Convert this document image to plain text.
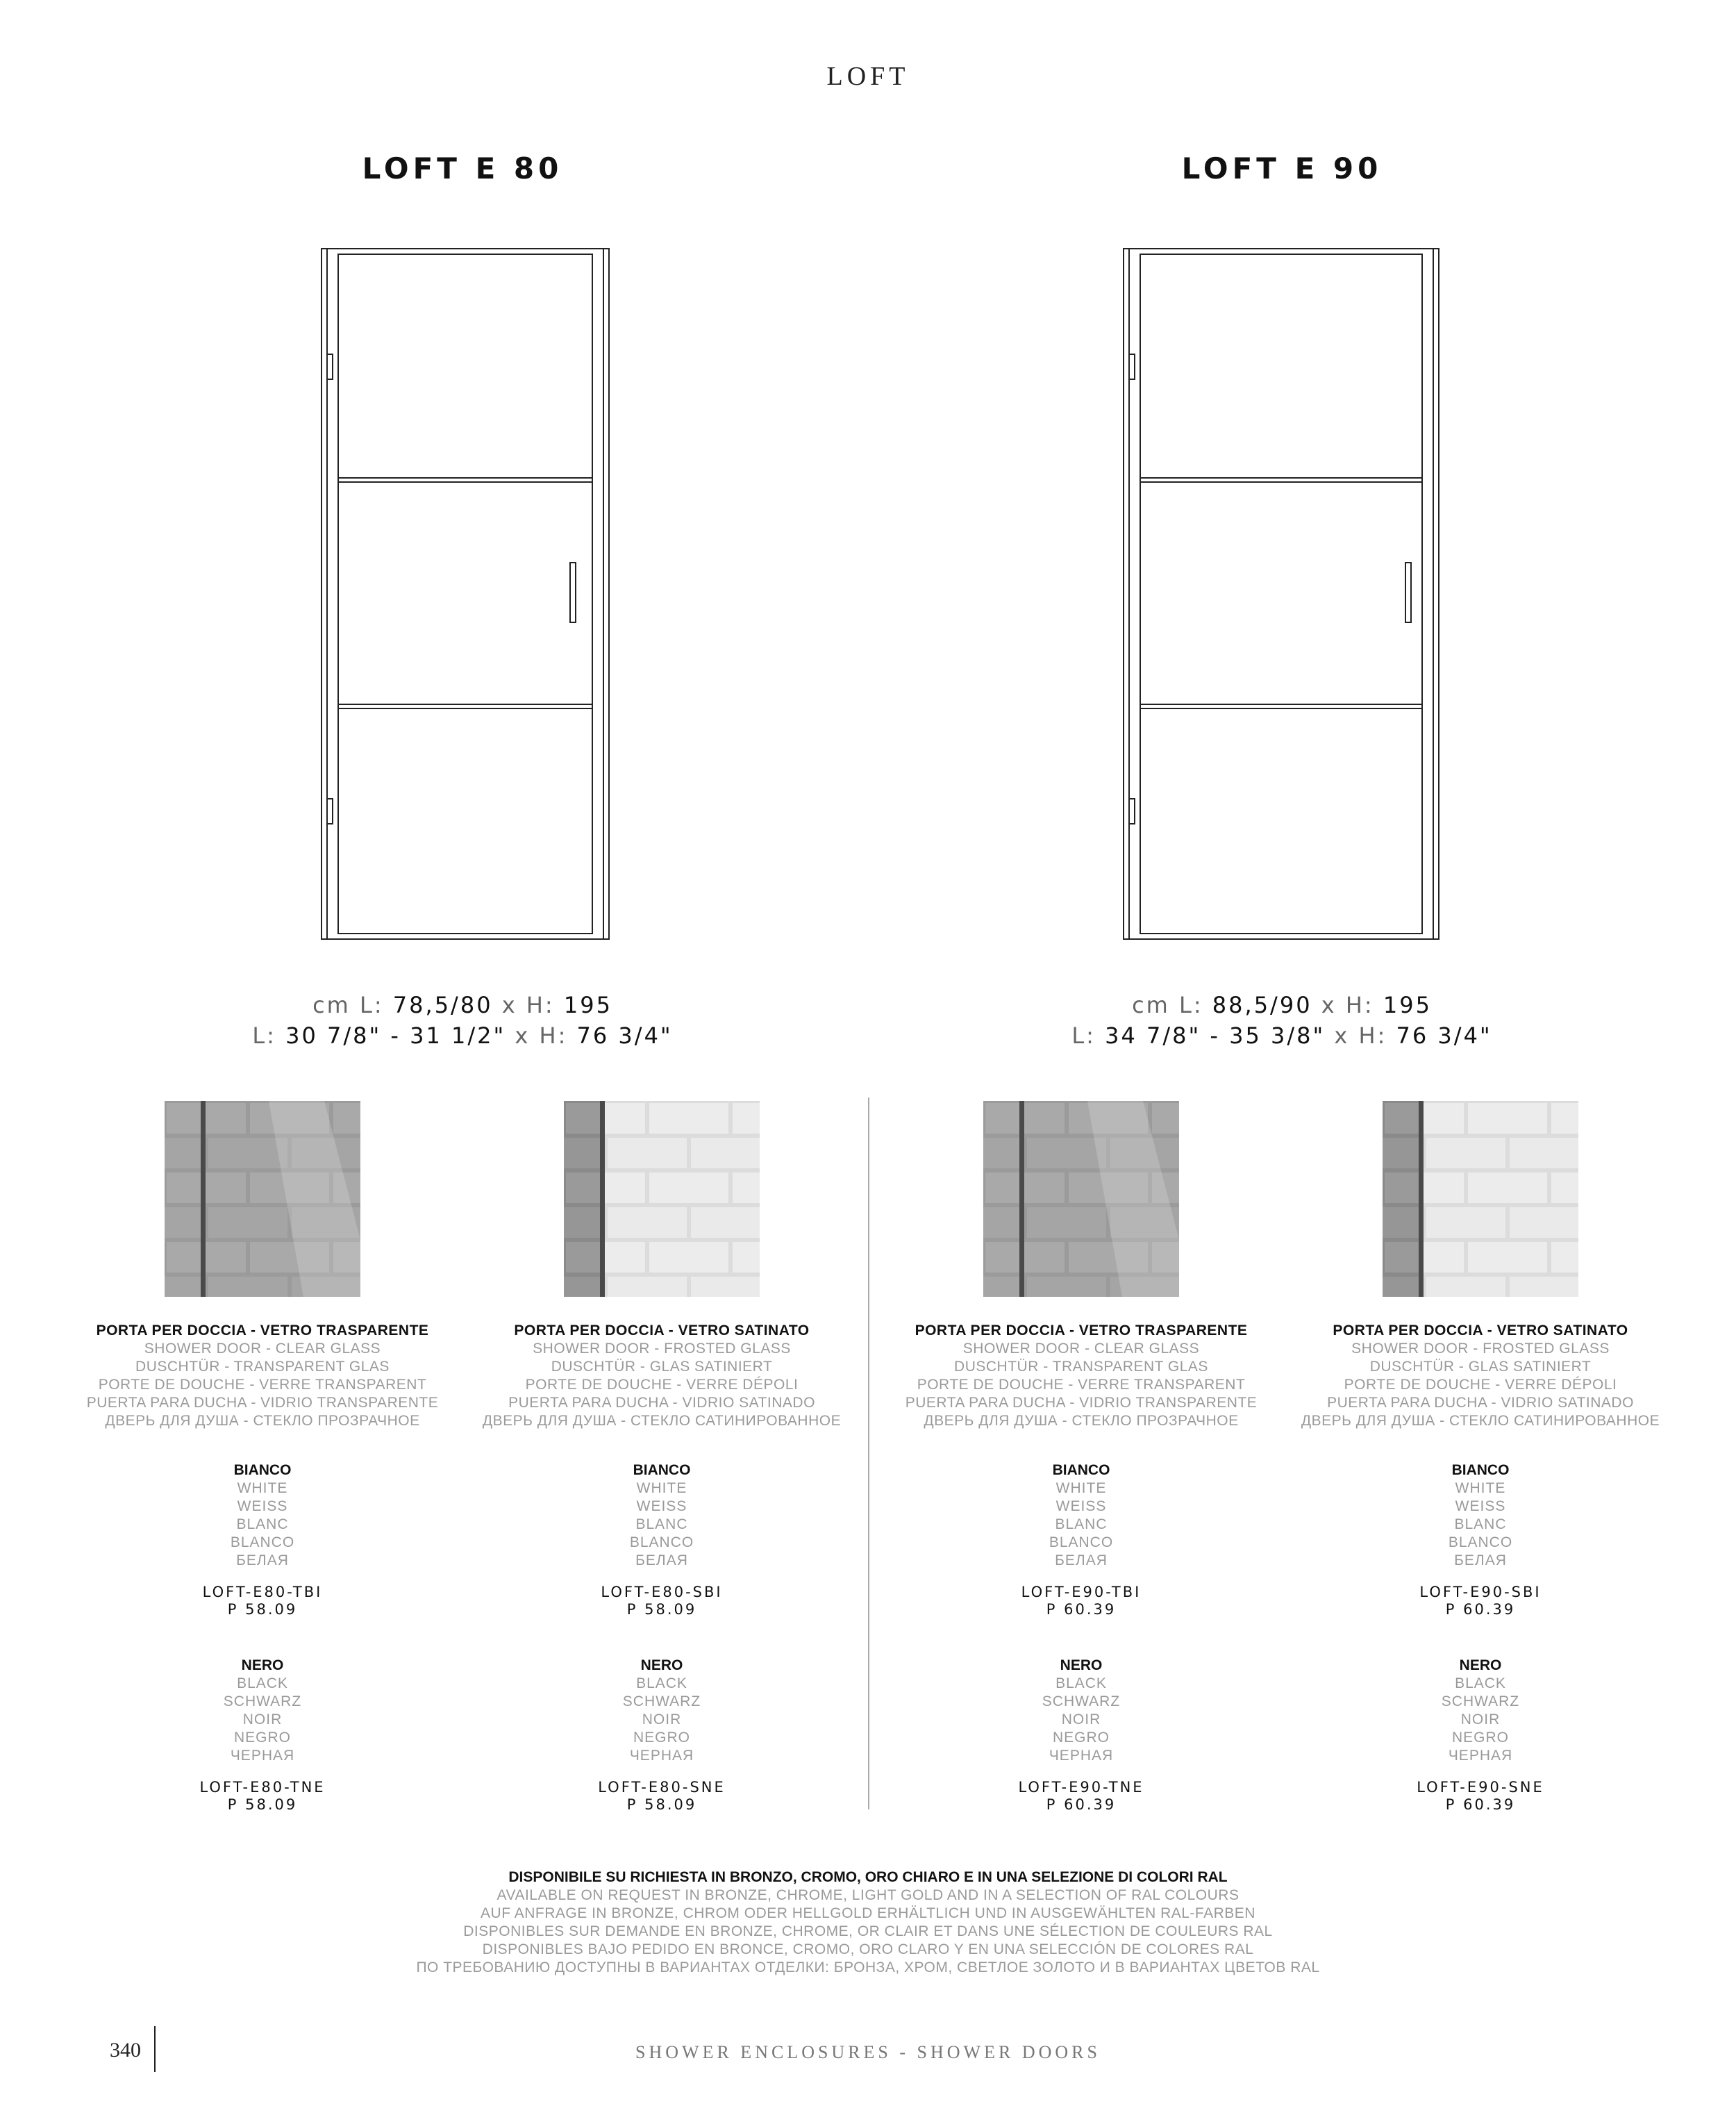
LOFT
LOFT E 80	LOFT E 90
cm L: 78,5/80 x H: 195
L: 30 7/8" - 31 1/2" x H: 76 3/4"
cm L: 88,5/90 x H: 195
L: 34 7/8" - 35 3/8" x H: 76 3/4"
PORTA PER DOCCIA - VETRO TRASPARENTE
SHOWER DOOR - CLEAR GLASS
DUSCHTÜR - TRANSPARENT GLAS
PORTE DE DOUCHE - VERRE TRANSPARENT
PUERTA PARA DUCHA - VIDRIO TRANSPARENTE
ДВЕРЬ ДЛЯ ДУША - СТЕКЛО ПРОЗРАЧНОЕ
BIANCO
WHITE
WEISS
BLANC
BLANCO
БЕЛАЯ
LOFT-E80-TBI
P 58.09
NERO
BLACK
SCHWARZ
NOIR
NEGRO
ЧЕРНАЯ
LOFT-E80-TNE
P 58.09
PORTA PER DOCCIA - VETRO SATINATO
SHOWER DOOR - FROSTED GLASS
DUSCHTÜR - GLAS SATINIERT
PORTE DE DOUCHE - VERRE DÉPOLI
PUERTA PARA DUCHA - VIDRIO SATINADO
ДВЕРЬ ДЛЯ ДУША - СТЕКЛО САТИНИРОВАННОЕ
BIANCO
WHITE
WEISS
BLANC
BLANCO
БЕЛАЯ
LOFT-E80-SBI
P 58.09
NERO
BLACK
SCHWARZ
NOIR
NEGRO
ЧЕРНАЯ
LOFT-E80-SNE
P 58.09
PORTA PER DOCCIA - VETRO TRASPARENTE
SHOWER DOOR - CLEAR GLASS
DUSCHTÜR - TRANSPARENT GLAS
PORTE DE DOUCHE - VERRE TRANSPARENT
PUERTA PARA DUCHA - VIDRIO TRANSPARENTE
ДВЕРЬ ДЛЯ ДУША - СТЕКЛО ПРОЗРАЧНОЕ
BIANCO
WHITE
WEISS
BLANC
BLANCO
БЕЛАЯ
LOFT-E90-TBI
P 60.39
NERO
BLACK
SCHWARZ
NOIR
NEGRO
ЧЕРНАЯ
LOFT-E90-TNE
P 60.39
PORTA PER DOCCIA - VETRO SATINATO
SHOWER DOOR - FROSTED GLASS
DUSCHTÜR - GLAS SATINIERT
PORTE DE DOUCHE - VERRE DÉPOLI
PUERTA PARA DUCHA - VIDRIO SATINADO
ДВЕРЬ ДЛЯ ДУША - СТЕКЛО САТИНИРОВАННОЕ
BIANCO
WHITE
WEISS
BLANC
BLANCO
БЕЛАЯ
LOFT-E90-SBI
P 60.39
NERO
BLACK
SCHWARZ
NOIR
NEGRO
ЧЕРНАЯ
LOFT-E90-SNE
P 60.39
DISPONIBILE SU RICHIESTA IN BRONZO, CROMO, ORO CHIARO E IN UNA SELEZIONE DI COLORI RAL
AVAILABLE ON REQUEST IN BRONZE, CHROME, LIGHT GOLD AND IN A SELECTION OF RAL COLOURS
AUF ANFRAGE IN BRONZE, CHROM ODER HELLGOLD ERHÄLTLICH UND IN AUSGEWÄHLTEN RAL-FARBEN
DISPONIBLES SUR DEMANDE EN BRONZE, CHROME, OR CLAIR ET DANS UNE SÉLECTION DE COULEURS RAL
DISPONIBLES BAJO PEDIDO EN BRONCE, CROMO, ORO CLARO Y EN UNA SELECCIÓN DE COLORES RAL
ПО ТРЕБОВАНИЮ ДОСТУПНЫ В ВАРИАНТАХ ОТДЕЛКИ: БРОНЗА, ХРОМ, СВЕТЛОЕ ЗОЛОТО И В ВАРИАНТАХ ЦВЕТОВ RAL
340	SHOWER ENCLOSURES - SHOWER DOORS
